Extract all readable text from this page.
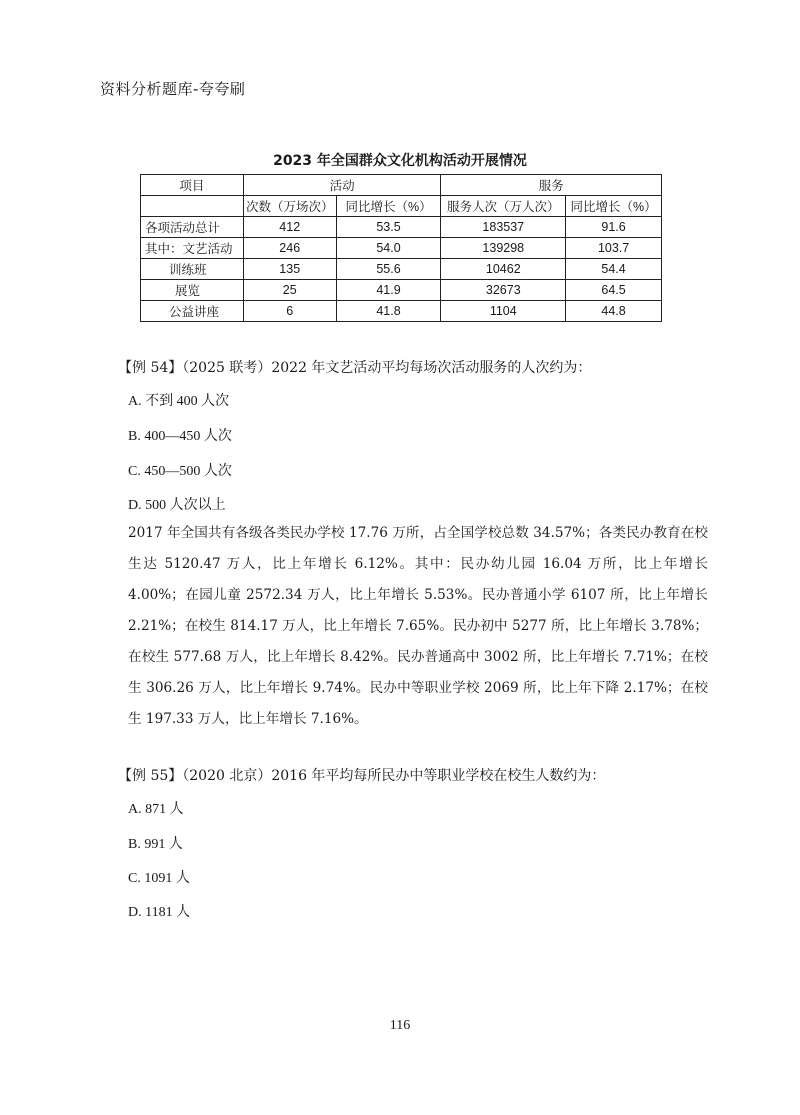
资料分析题库-夸夸刷
2023 年全国群众文化机构活动开展情况
项目	活动		服务	
	次数（万场次）	同比增长（%）	服务人次（万人次）	同比增长（%）
各项活动总计	412	53.5	183537	91.6
其中：文艺活动	246	54.0	139298	103.7
训练班	135	55.6	10462	54.4
展览	25	41.9	32673	64.5
公益讲座	6	41.8	1104	44.8
【例 54】（2025 联考）2022 年文艺活动平均每场次活动服务的人次约为：
A. 不到 400 人次
B. 400—450 人次
C. 450—500 人次
D. 500 人次以上
2017 年全国共有各级各类民办学校 17.76 万所，占全国学校总数 34.57%；各类民办教育在校生达 5120.47 万人，比上年增长 6.12%。其中：民办幼儿园 16.04 万所，比上年增长 4.00%；在园儿童 2572.34 万人，比上年增长 5.53%。民办普通小学 6107 所，比上年增长 2.21%；在校生 814.17 万人，比上年增长 7.65%。民办初中 5277 所，比上年增长 3.78%；在校生 577.68 万人，比上年增长 8.42%。民办普通高中 3002 所，比上年增长 7.71%；在校生 306.26 万人，比上年增长 9.74%。民办中等职业学校 2069 所，比上年下降 2.17%；在校生 197.33 万人，比上年增长 7.16%。
【例 55】（2020 北京）2016 年平均每所民办中等职业学校在校生人数约为：
A. 871 人
B. 991 人
C. 1091 人
D. 1181 人
116
